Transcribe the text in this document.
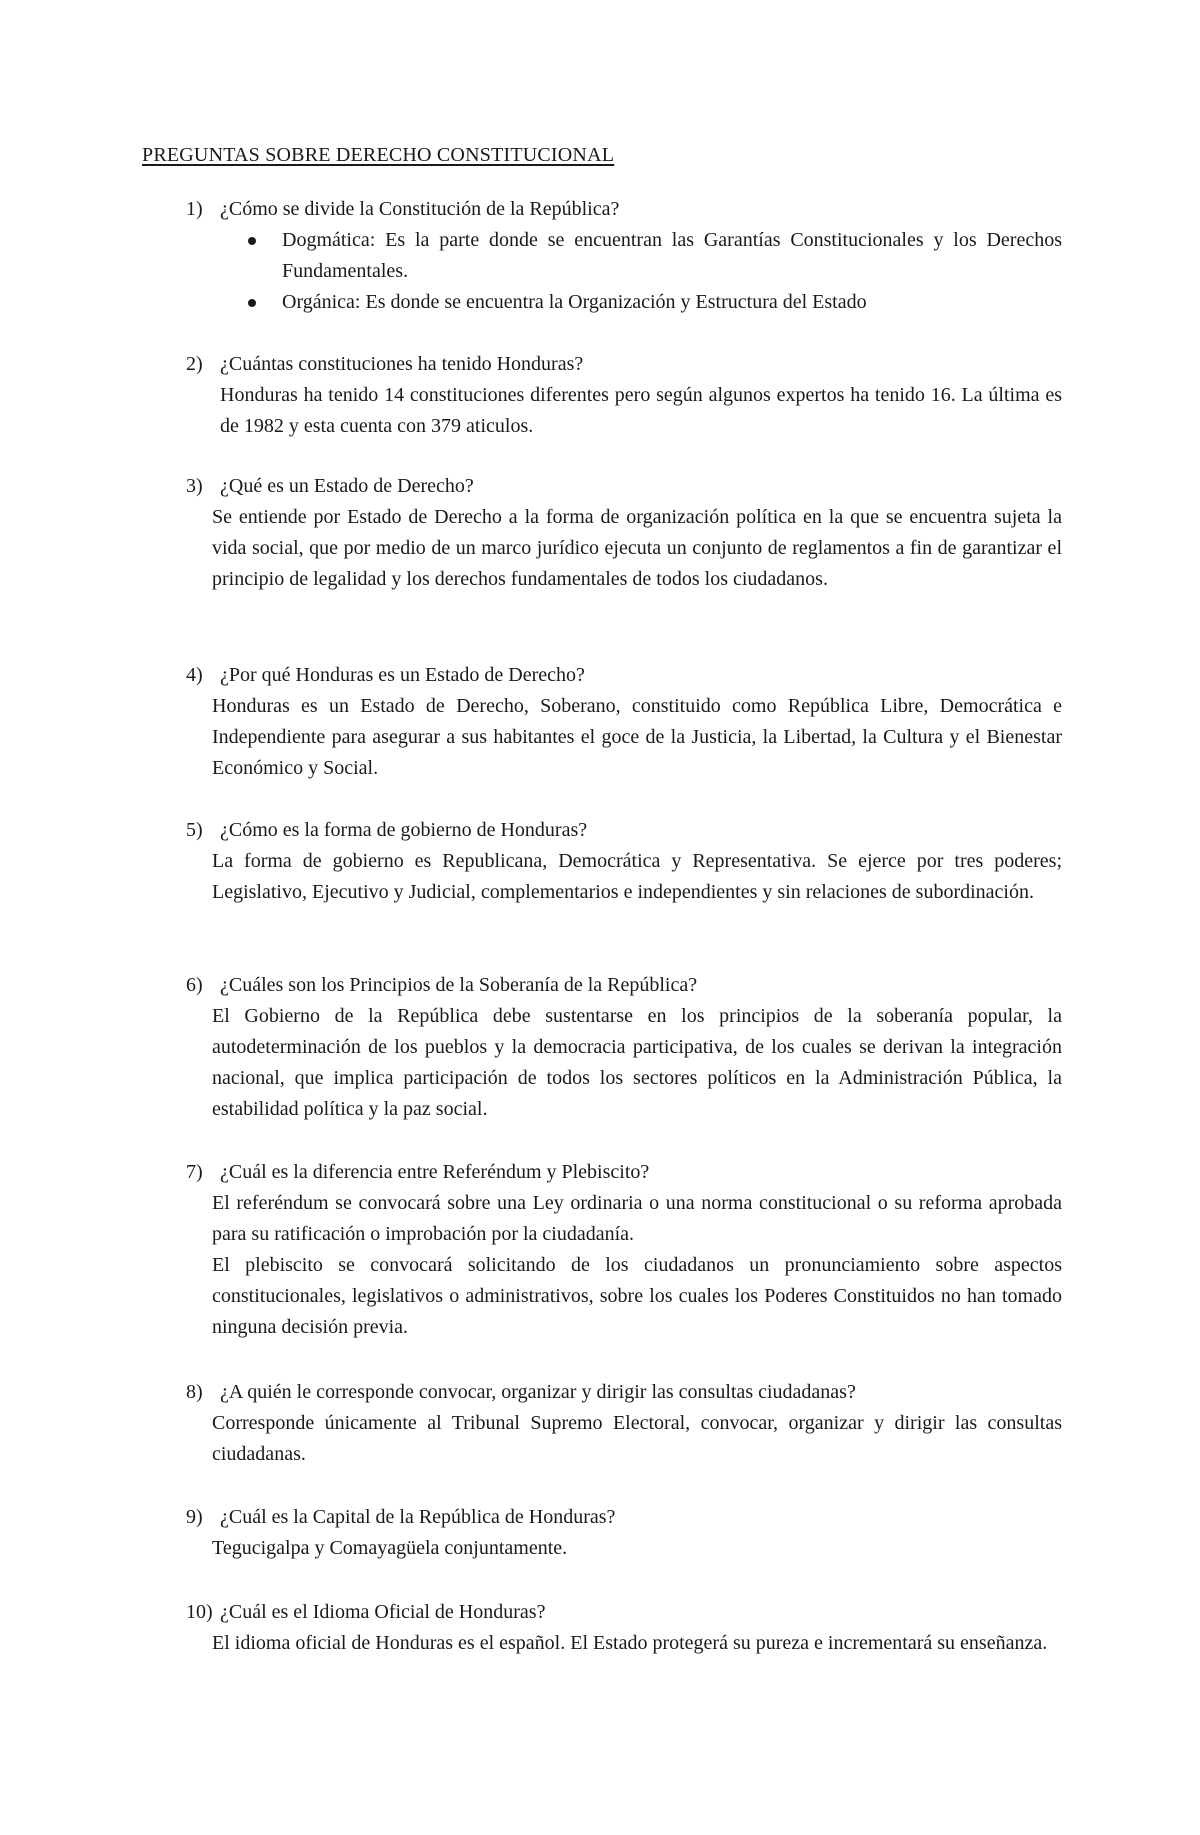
PREGUNTAS SOBRE DERECHO CONSTITUCIONAL
1) ¿Cómo se divide la Constitución de la República?
Dogmática: Es la parte donde se encuentran las Garantías Constitucionales y los Derechos Fundamentales.
Orgánica: Es donde se encuentra la Organización y Estructura del Estado
2) ¿Cuántas constituciones ha tenido Honduras?

Honduras ha tenido 14 constituciones diferentes pero según algunos expertos ha tenido 16. La última es de 1982 y esta cuenta con 379 aticulos.

3) ¿Qué es un Estado de Derecho?

Se entiende por Estado de Derecho a la forma de organización política en la que se encuentra sujeta la vida social, que por medio de un marco jurídico ejecuta un conjunto de reglamentos a fin de garantizar el principio de legalidad y los derechos fundamentales de todos los ciudadanos.

4) ¿Por qué Honduras es un Estado de Derecho?

Honduras es un Estado de Derecho, Soberano, constituido como República Libre, Democrática e Independiente para asegurar a sus habitantes el goce de la Justicia, la Libertad, la Cultura y el Bienestar Económico y Social.

5) ¿Cómo es la forma de gobierno de Honduras?

La forma de gobierno es Republicana, Democrática y Representativa. Se ejerce por tres poderes; Legislativo, Ejecutivo y Judicial, complementarios e independientes y sin relaciones de subordinación.

6) ¿Cuáles son los Principios de la Soberanía de la República?

El Gobierno de la República debe sustentarse en los principios de la soberanía popular, la autodeterminación de los pueblos y la democracia participativa, de los cuales se derivan la integración nacional, que implica participación de todos los sectores políticos en la Administración Pública, la estabilidad política y la paz social.

7) ¿Cuál es la diferencia entre Referéndum y Plebiscito?

El referéndum se convocará sobre una Ley ordinaria o una norma constitucional o su reforma aprobada para su ratificación o improbación por la ciudadanía.

El plebiscito se convocará solicitando de los ciudadanos un pronunciamiento sobre aspectos constitucionales, legislativos o administrativos, sobre los cuales los Poderes Constituidos no han tomado ninguna decisión previa.

8) ¿A quién le corresponde convocar, organizar y dirigir las consultas ciudadanas?

Corresponde únicamente al Tribunal Supremo Electoral, convocar, organizar y dirigir las consultas ciudadanas.

9) ¿Cuál es la Capital de la República de Honduras?

Tegucigalpa y Comayagüela conjuntamente.

10) ¿Cuál es el Idioma Oficial de Honduras?

El idioma oficial de Honduras es el español. El Estado protegerá su pureza e incrementará su enseñanza.
